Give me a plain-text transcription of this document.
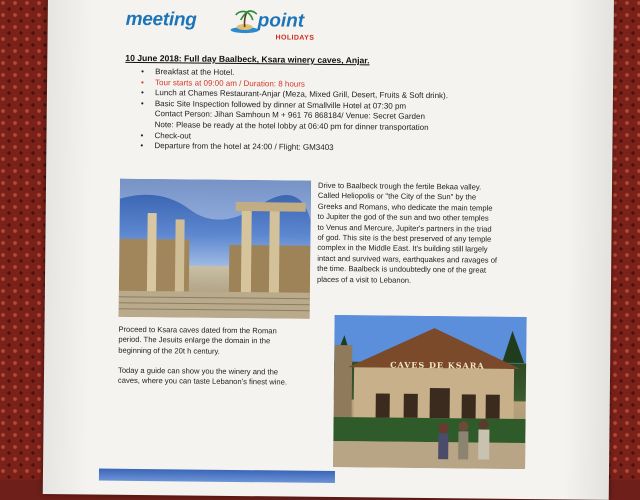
meeting	point
HOLIDAYS
10 June 2018: Full day Baalbeck, Ksara winery caves, Anjar.
• Breakfast at the Hotel.
• Tour starts at 09:00 am / Duration: 8 hours
• Lunch at Chames Restaurant-Anjar (Meza, Mixed Grill, Desert, Fruits & Soft drink).
• Basic Site Inspection followed by dinner at Smallville Hotel at 07:30 pm
Contact Person: Jihan Samhoun M + 961 76 868184/ Venue: Secret Garden
Note: Please be ready at the hotel lobby at 06:40 pm for dinner transportation
• Check-out
• Departure from the hotel at 24:00 / Flight: GM3403
Drive to Baalbeck trough the fertile Bekaa valley.
Called Heliopolis or "the City of the Sun" by the
Greeks and Romans, who dedicate the main temple
to Jupiter the god of the sun and two other temples
to Venus and Mercure, Jupiter's partners in the triad
of god. This site is the best preserved of any temple
complex in the Middle East. It's building still largely
intact and survived wars, earthquakes and ravages of
the time. Baalbeck is undoubtedly one of the great
places of a visit to Lebanon.
Proceed to Ksara caves dated from the Roman
period. The Jesuits enlarge the domain in the
beginning of the 20t h century.
Today a guide can show you the winery and the
caves, where you can taste Lebanon's finest wine.
CAVES DE KSARA
